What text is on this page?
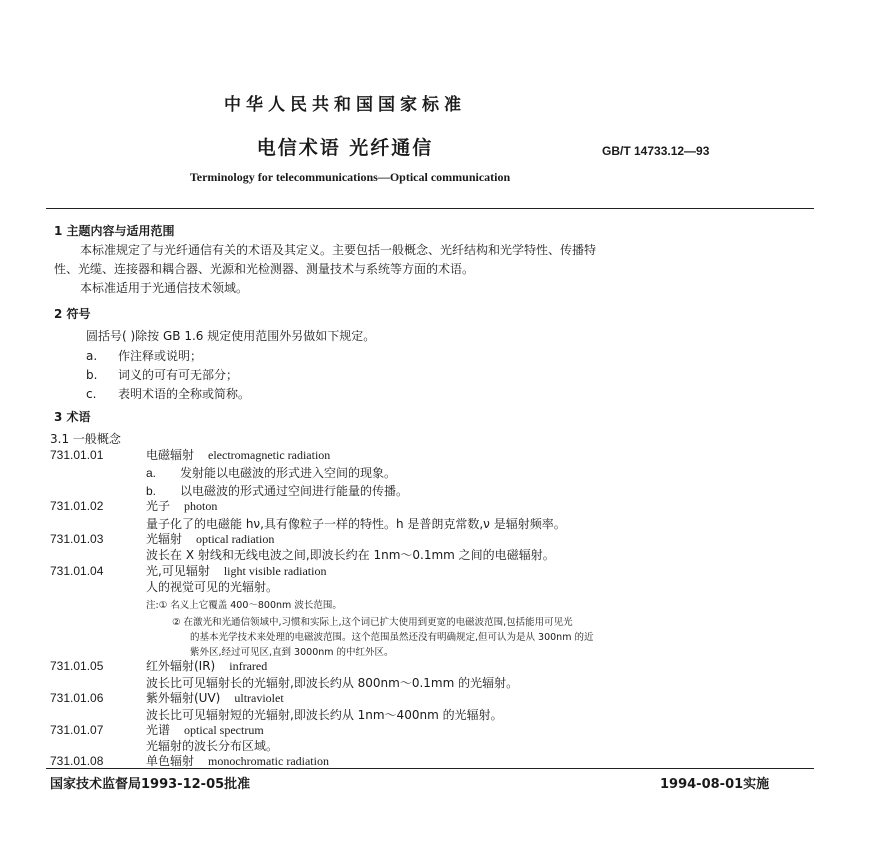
中华人民共和国国家标准
电信术语 光纤通信	GB/T 14733.12—93
Terminology for telecommunications—Optical communication
1 主题内容与适用范围
本标准规定了与光纤通信有关的术语及其定义。主要包括一般概念、光纤结构和光学特性、传播特
性、光缆、连接器和耦合器、光源和光检测器、测量技术与系统等方面的术语。
本标准适用于光通信技术领域。
2 符号
圆括号( )除按 GB 1.6 规定使用范围外另做如下规定。
a. 作注释或说明；
b. 词义的可有可无部分；
c. 表明术语的全称或简称。
3 术语
3.1 一般概念
731.01.01	电磁辐射 electromagnetic radiation
a. 发射能以电磁波的形式进入空间的现象。
b. 以电磁波的形式通过空间进行能量的传播。
731.01.02	光子 photon
量子化了的电磁能 hν,具有像粒子一样的特性。h 是普朗克常数,ν 是辐射频率。
731.01.03	光辐射 optical radiation
波长在 X 射线和无线电波之间,即波长约在 1nm～0.1mm 之间的电磁辐射。
731.01.04	光,可见辐射 light visible radiation
人的视觉可见的光辐射。
注:① 名义上它覆盖 400～800nm 波长范围。
② 在激光和光通信领域中,习惯和实际上,这个词已扩大使用到更宽的电磁波范围,包括能用可见光
的基本光学技术来处理的电磁波范围。这个范围虽然还没有明确规定,但可认为是从 300nm 的近
紫外区,经过可见区,直到 3000nm 的中红外区。
731.01.05	红外辐射(IR) infrared
波长比可见辐射长的光辐射,即波长约从 800nm～0.1mm 的光辐射。
731.01.06	紫外辐射(UV) ultraviolet
波长比可见辐射短的光辐射,即波长约从 1nm～400nm 的光辐射。
731.01.07	光谱 optical spectrum
光辐射的波长分布区域。
731.01.08	单色辐射 monochromatic radiation
国家技术监督局1993-12-05批准	1994-08-01实施
